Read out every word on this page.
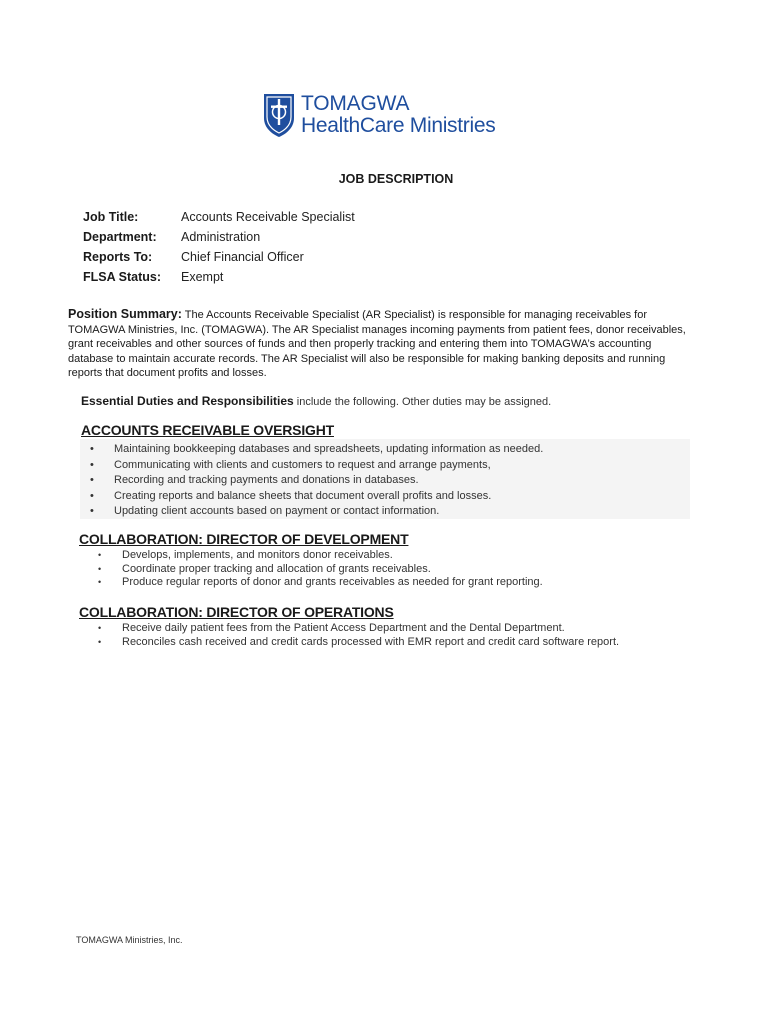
TOMAGWA
HealthCare Ministries
JOB DESCRIPTION
Job Title:	Accounts Receivable Specialist
Department:	Administration
Reports To:	Chief Financial Officer
FLSA Status:	Exempt

Position Summary: The Accounts Receivable Specialist (AR Specialist) is responsible for managing receivables for TOMAGWA Ministries, Inc. (TOMAGWA). The AR Specialist manages incoming payments from patient fees, donor receivables, grant receivables and other sources of funds and then properly tracking and entering them into TOMAGWA’s accounting database to maintain accurate records. The AR Specialist will also be responsible for making banking deposits and running reports that document profits and losses.

Essential Duties and Responsibilities include the following. Other duties may be assigned.

ACCOUNTS RECEIVABLE OVERSIGHT
• Maintaining bookkeeping databases and spreadsheets, updating information as needed.
• Communicating with clients and customers to request and arrange payments,
• Recording and tracking payments and donations in databases.
• Creating reports and balance sheets that document overall profits and losses.
• Updating client accounts based on payment or contact information.
COLLABORATION: DIRECTOR OF DEVELOPMENT
• Develops, implements, and monitors donor receivables.
• Coordinate proper tracking and allocation of grants receivables.
• Produce regular reports of donor and grants receivables as needed for grant reporting.
COLLABORATION: DIRECTOR OF OPERATIONS
• Receive daily patient fees from the Patient Access Department and the Dental Department.
• Reconciles cash received and credit cards processed with EMR report and credit card software report.
TOMAGWA Ministries, Inc.
